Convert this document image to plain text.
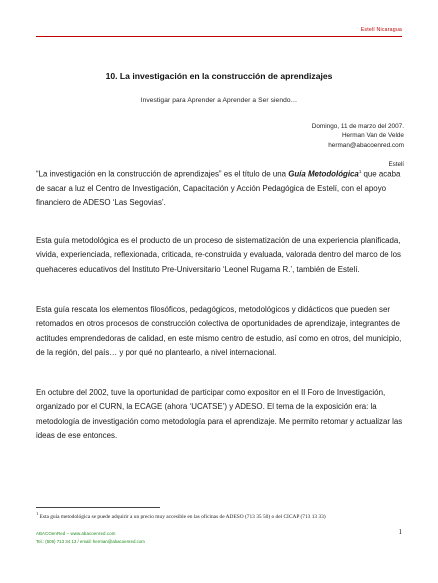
Estelí Nicaragua
10. La investigación en la construcción de aprendizajes
Investigar para Aprender a Aprender a Ser siendo…
Domingo, 11 de marzo del 2007.
Herman Van de Velde
herman@abacoenred.com
Estelí
“La investigación en la construcción de aprendizajes” es el título de una Guía Metodológica$^1$ que acaba de sacar a luz el Centro de Investigación, Capacitación y Acción Pedagógica de Estelí, con el apoyo financiero de ADESO ‘Las Segovias’.
Esta guía metodológica es el producto de un proceso de sistematización de una experiencia planificada, vivida, experienciada, reflexionada, criticada, re-construida y evaluada, valorada dentro del marco de los quehaceres educativos del Instituto Pre-Universitario ‘Leonel Rugama R.’, también de Estelí.
Esta guía rescata los elementos filosóficos, pedagógicos, metodológicos y didácticos que pueden ser retomados en otros procesos de construcción colectiva de oportunidades de aprendizaje, integrantes de actitudes emprendedoras de calidad, en este mismo centro de estudio, así como en otros, del municipio, de la región, del país… y por qué no plantearlo, a nivel internacional.
En octubre del 2002, tuve la oportunidad de participar como expositor en el II Foro de Investigación, organizado por el CURN, la ECAGE (ahora ‘UCATSE’) y ADESO. El tema de la exposición era: la metodología de investigación como metodología para el aprendizaje. Me permito retomar y actualizar las ideas de ese entonces.
$^1$ Esta guía metodológica se puede adquirir a un precio muy accesible en las oficinas de ADESO (713 35 50) o del CICAP (713 13 33)
ABACOenRed – www.abacoenred.com
Tel.: (505) 713 34 13 / email: herman@abacoenred.com
1
